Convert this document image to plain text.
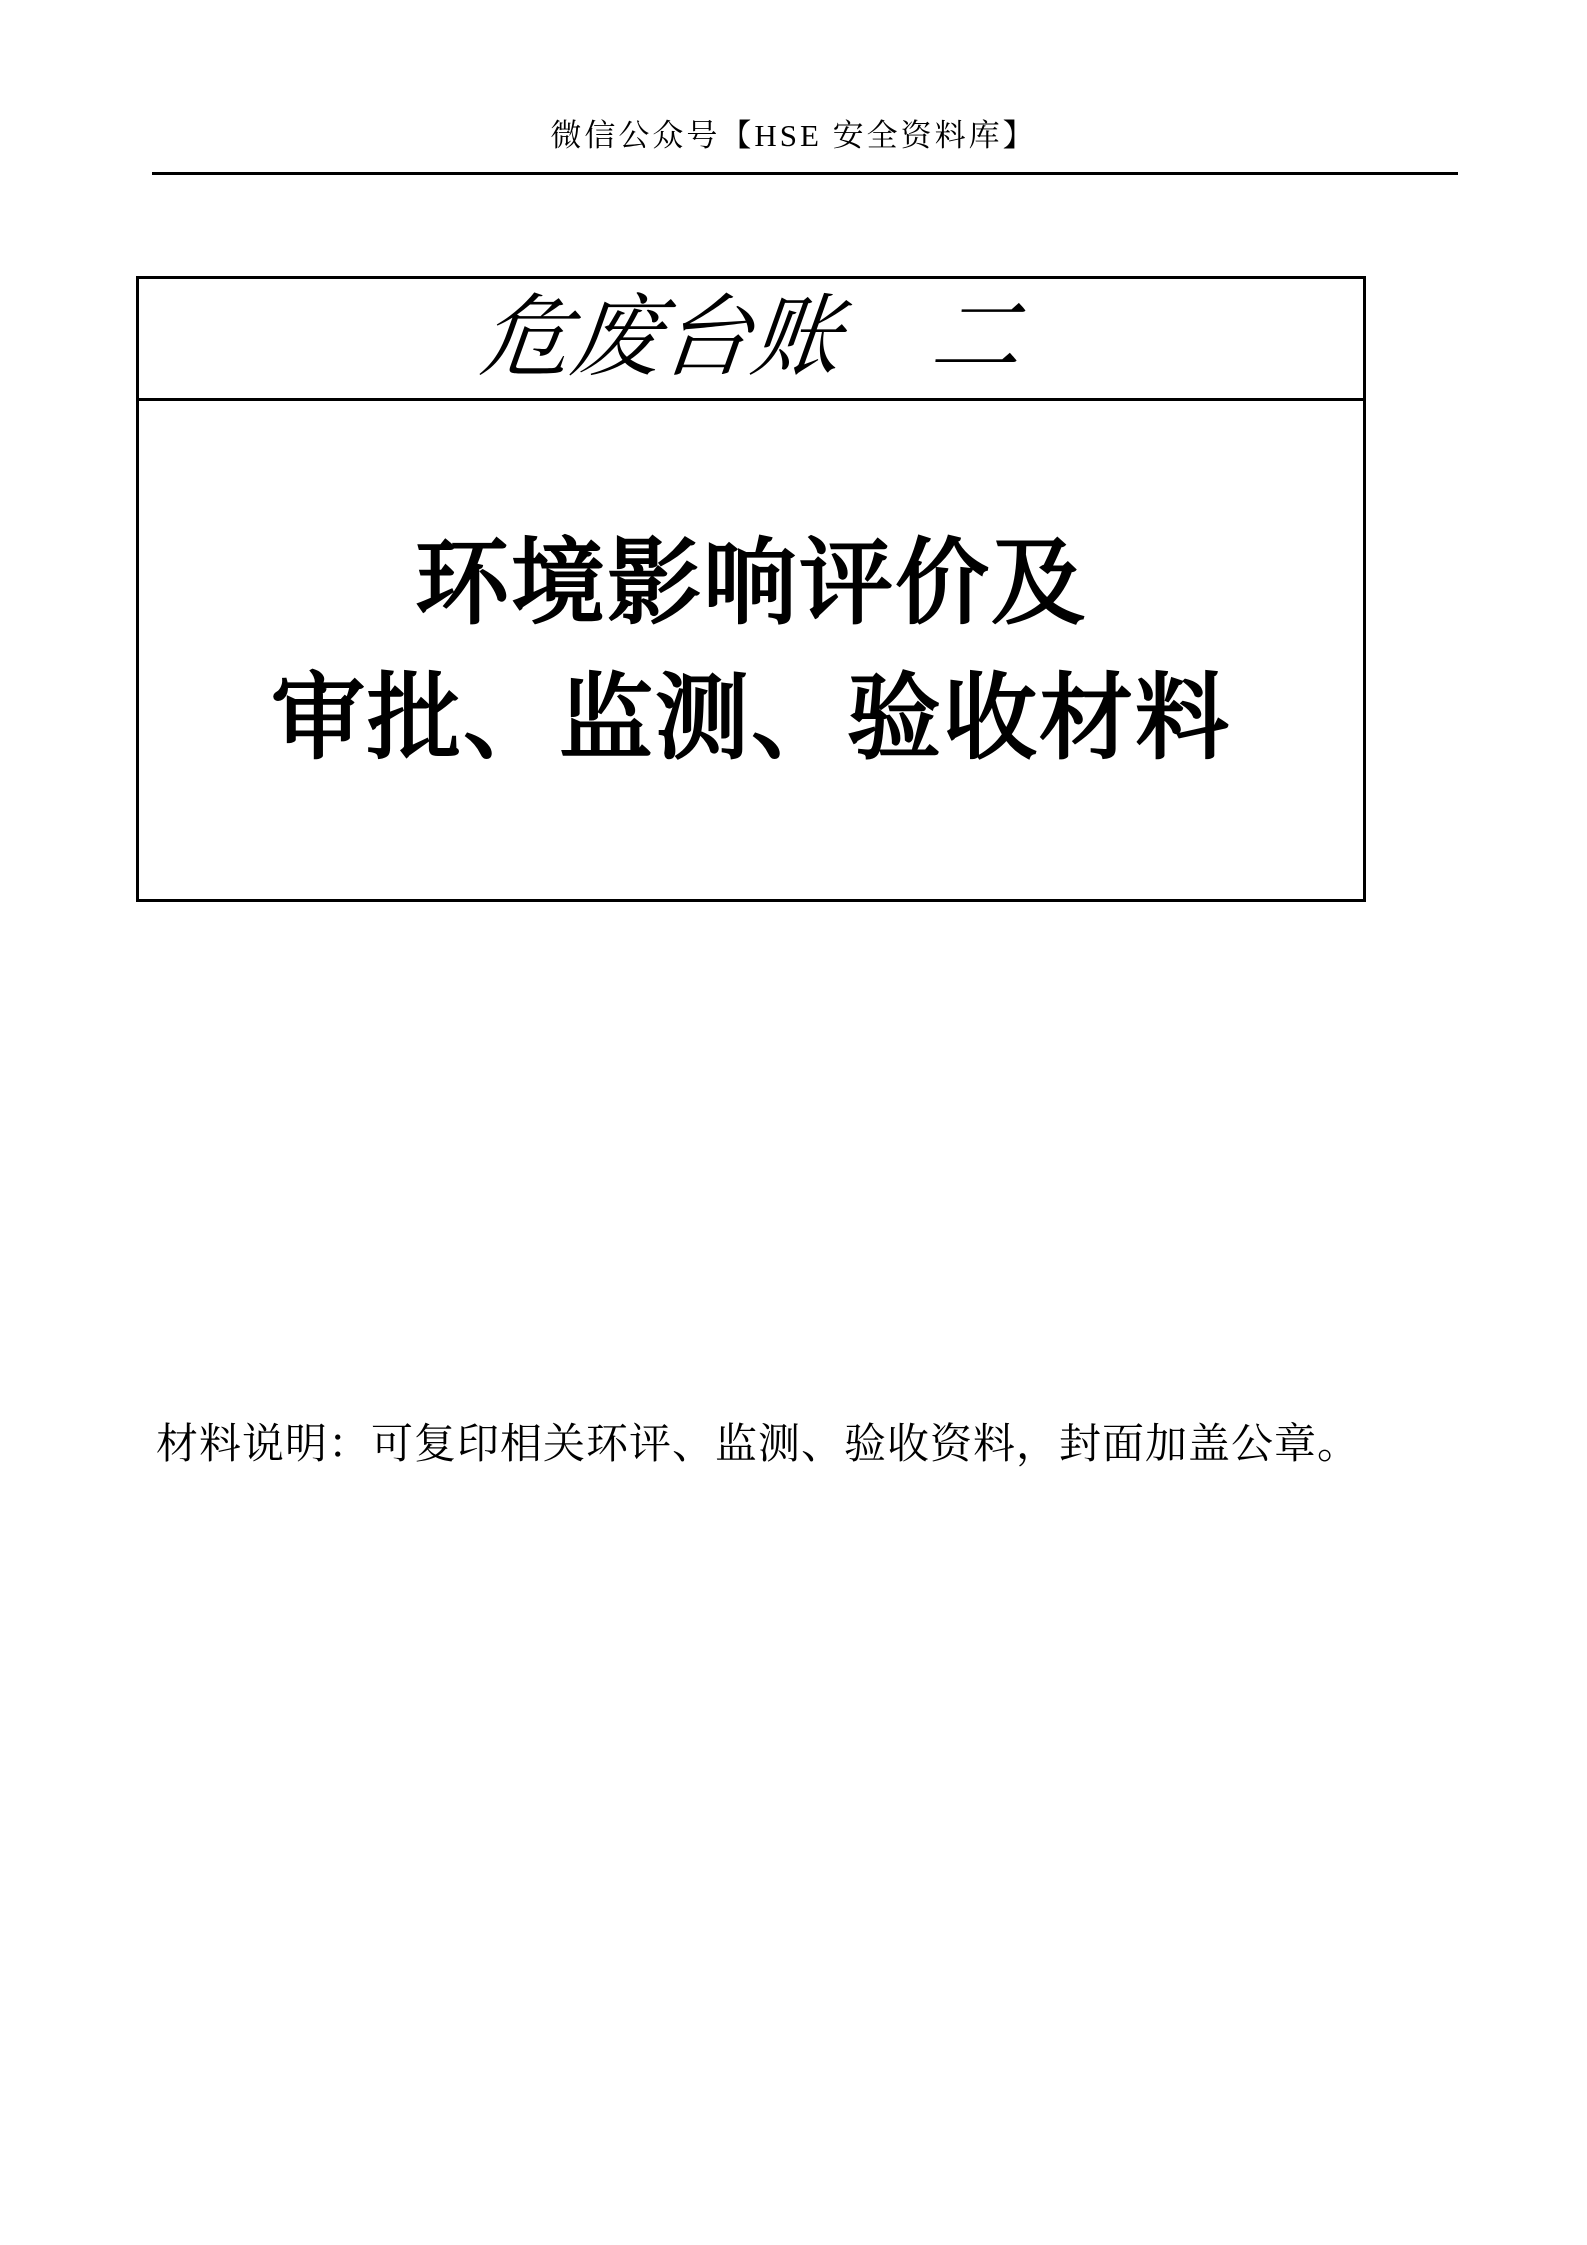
微信公众号【HSE 安全资料库】
危废台账　二
环境影响评价及
审批、监测、验收材料
材料说明：可复印相关环评、监测、验收资料，封面加盖公章。
